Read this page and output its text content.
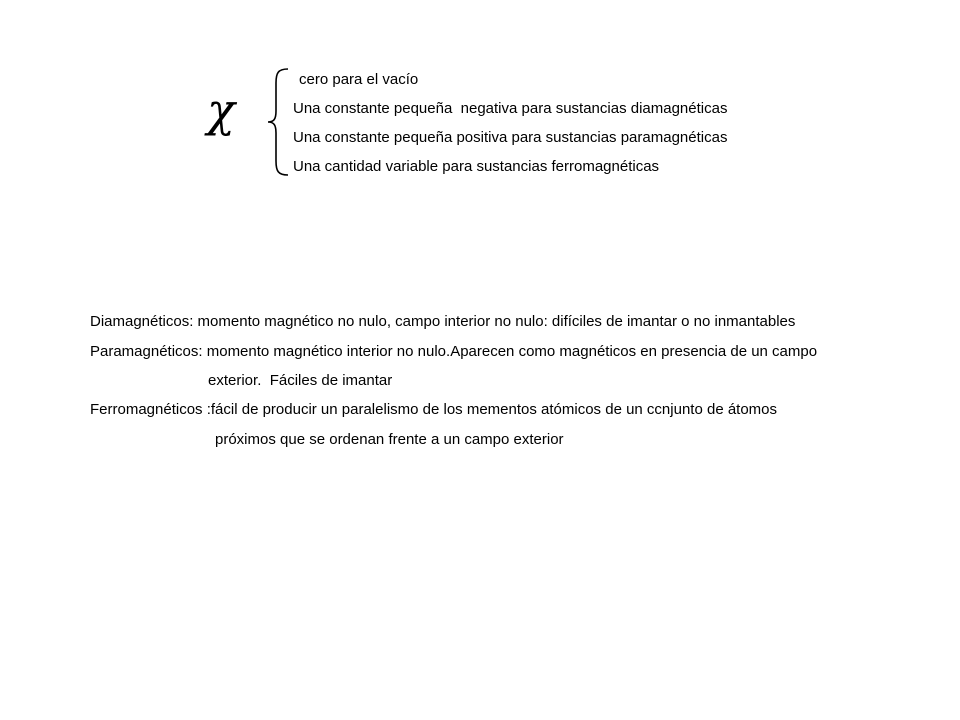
χ
cero para el vacío
Una constante pequeña  negativa para sustancias diamagnéticas
Una constante pequeña positiva para sustancias paramagnéticas
Una cantidad variable para sustancias ferromagnéticas
Diamagnéticos: momento magnético no nulo, campo interior no nulo: difíciles de imantar o no inmantables
Paramagnéticos: momento magnético interior no nulo.Aparecen como magnéticos en presencia de un campo
exterior.  Fáciles de imantar
Ferromagnéticos :fácil de producir un paralelismo de los mementos atómicos de un ccnjunto de átomos
próximos que se ordenan frente a un campo exterior
